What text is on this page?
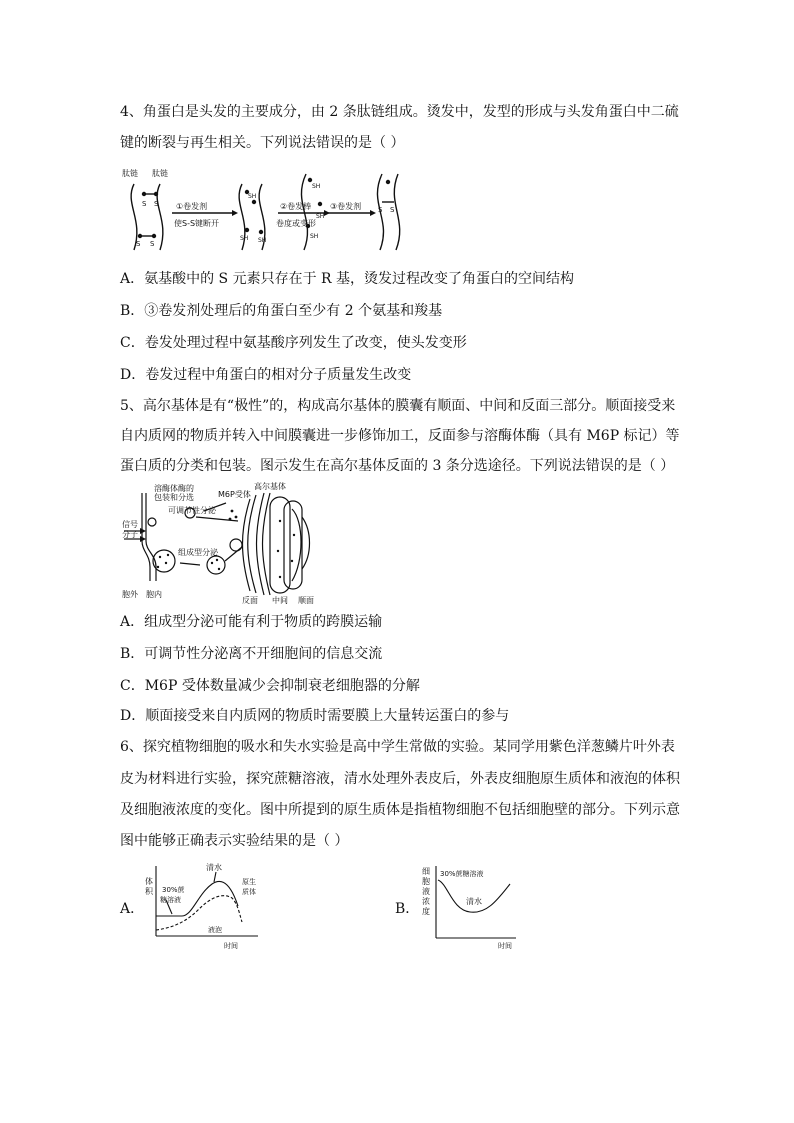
4、角蛋白是头发的主要成分，由 2 条肽链组成。烫发中，发型的形成与头发角蛋白中二硫
键的断裂与再生相关。下列说法错误的是（ ）
肽链 肽链
S S
S S
①卷发剂
使S-S键断开
SH
SH SH
②卷发棒
卷度或变形
SH
SH
SH
③卷发剂 S S
A．氨基酸中的 S 元素只存在于 R 基，烫发过程改变了角蛋白的空间结构
B．③卷发剂处理后的角蛋白至少有 2 个氨基和羧基
C．卷发处理过程中氨基酸序列发生了改变，使头发变形
D．卷发过程中角蛋白的相对分子质量发生改变
5、高尔基体是有“极性”的，构成高尔基体的膜囊有顺面、中间和反面三部分。顺面接受来
自内质网的物质并转入中间膜囊进一步修饰加工，反面参与溶酶体酶（具有 M6P 标记）等
蛋白质的分类和包装。图示发生在高尔基体反面的 3 条分选途径。下列说法错误的是（ ）
溶酶体酶的
包装和分选	M6P受体
高尔基体
可调节性分泌
信号
分子
组成型分泌
胞外 胞内
反面 中间 顺面
A．组成型分泌可能有利于物质的跨膜运输
B．可调节性分泌离不开细胞间的信息交流
C．M6P 受体数量减少会抑制衰老细胞器的分解
D．顺面接受来自内质网的物质时需要膜上大量转运蛋白的参与
6、探究植物细胞的吸水和失水实验是高中学生常做的实验。某同学用紫色洋葱鳞片叶外表
皮为材料进行实验，探究蔗糖溶液，清水处理外表皮后，外表皮细胞原生质体和液泡的体积
及细胞液浓度的变化。图中所提到的原生质体是指植物细胞不包括细胞壁的部分。下列示意
图中能够正确表示实验结果的是（ ）
A．
体
积
清水
30%蔗
糖溶液
原生
质体
液泡
时间
B．
细
胞
液
浓
度
30%蔗糖溶液
清水
时间
